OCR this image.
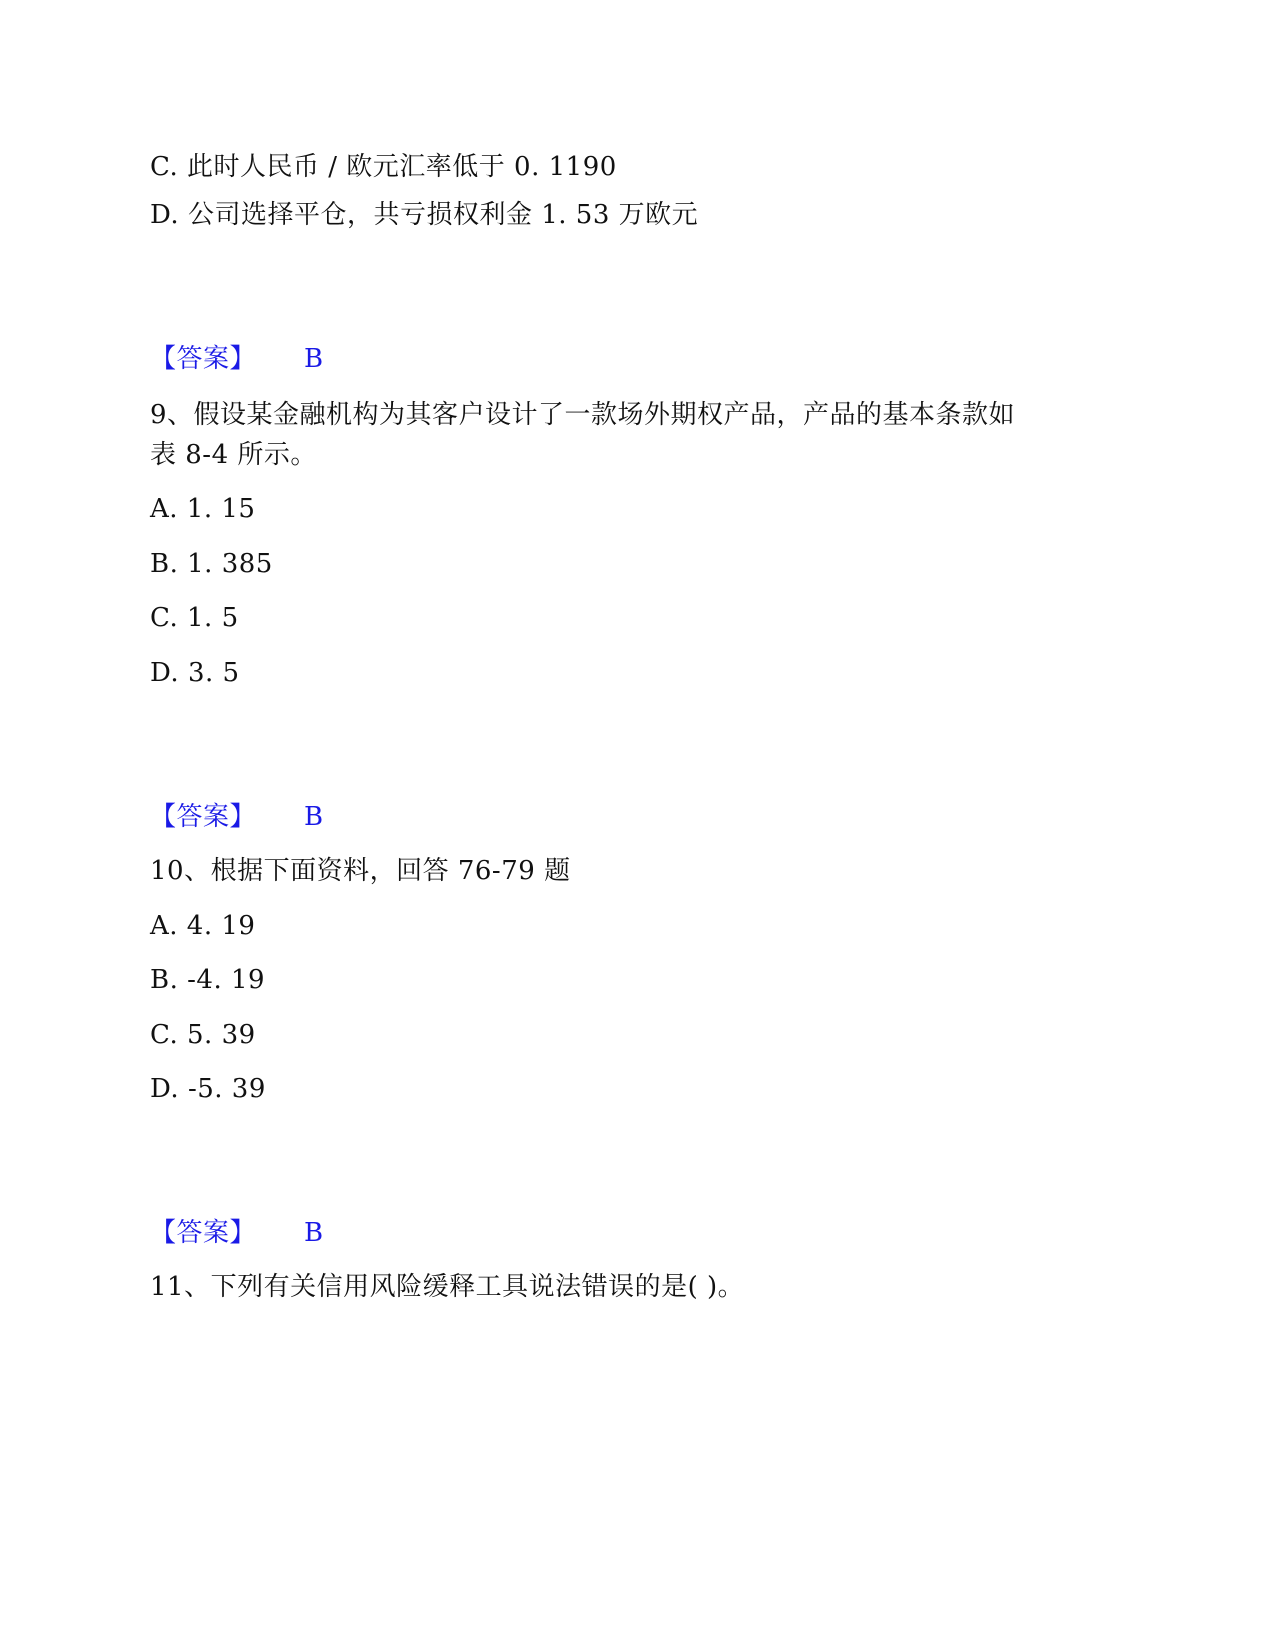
C. 此时人民币 / 欧元汇率低于 0. 1190
D. 公司选择平仓，共亏损权利金 1. 53 万欧元
【答案】 B
9、假设某金融机构为其客户设计了一款场外期权产品，产品的基本条款如
表 8-4 所示。
A. 1. 15
B. 1. 385
C. 1. 5
D. 3. 5
【答案】 B
10、根据下面资料，回答 76-79 题
A. 4. 19
B. -4. 19
C. 5. 39
D. -5. 39
【答案】 B
11、下列有关信用风险缓释工具说法错误的是( )。
